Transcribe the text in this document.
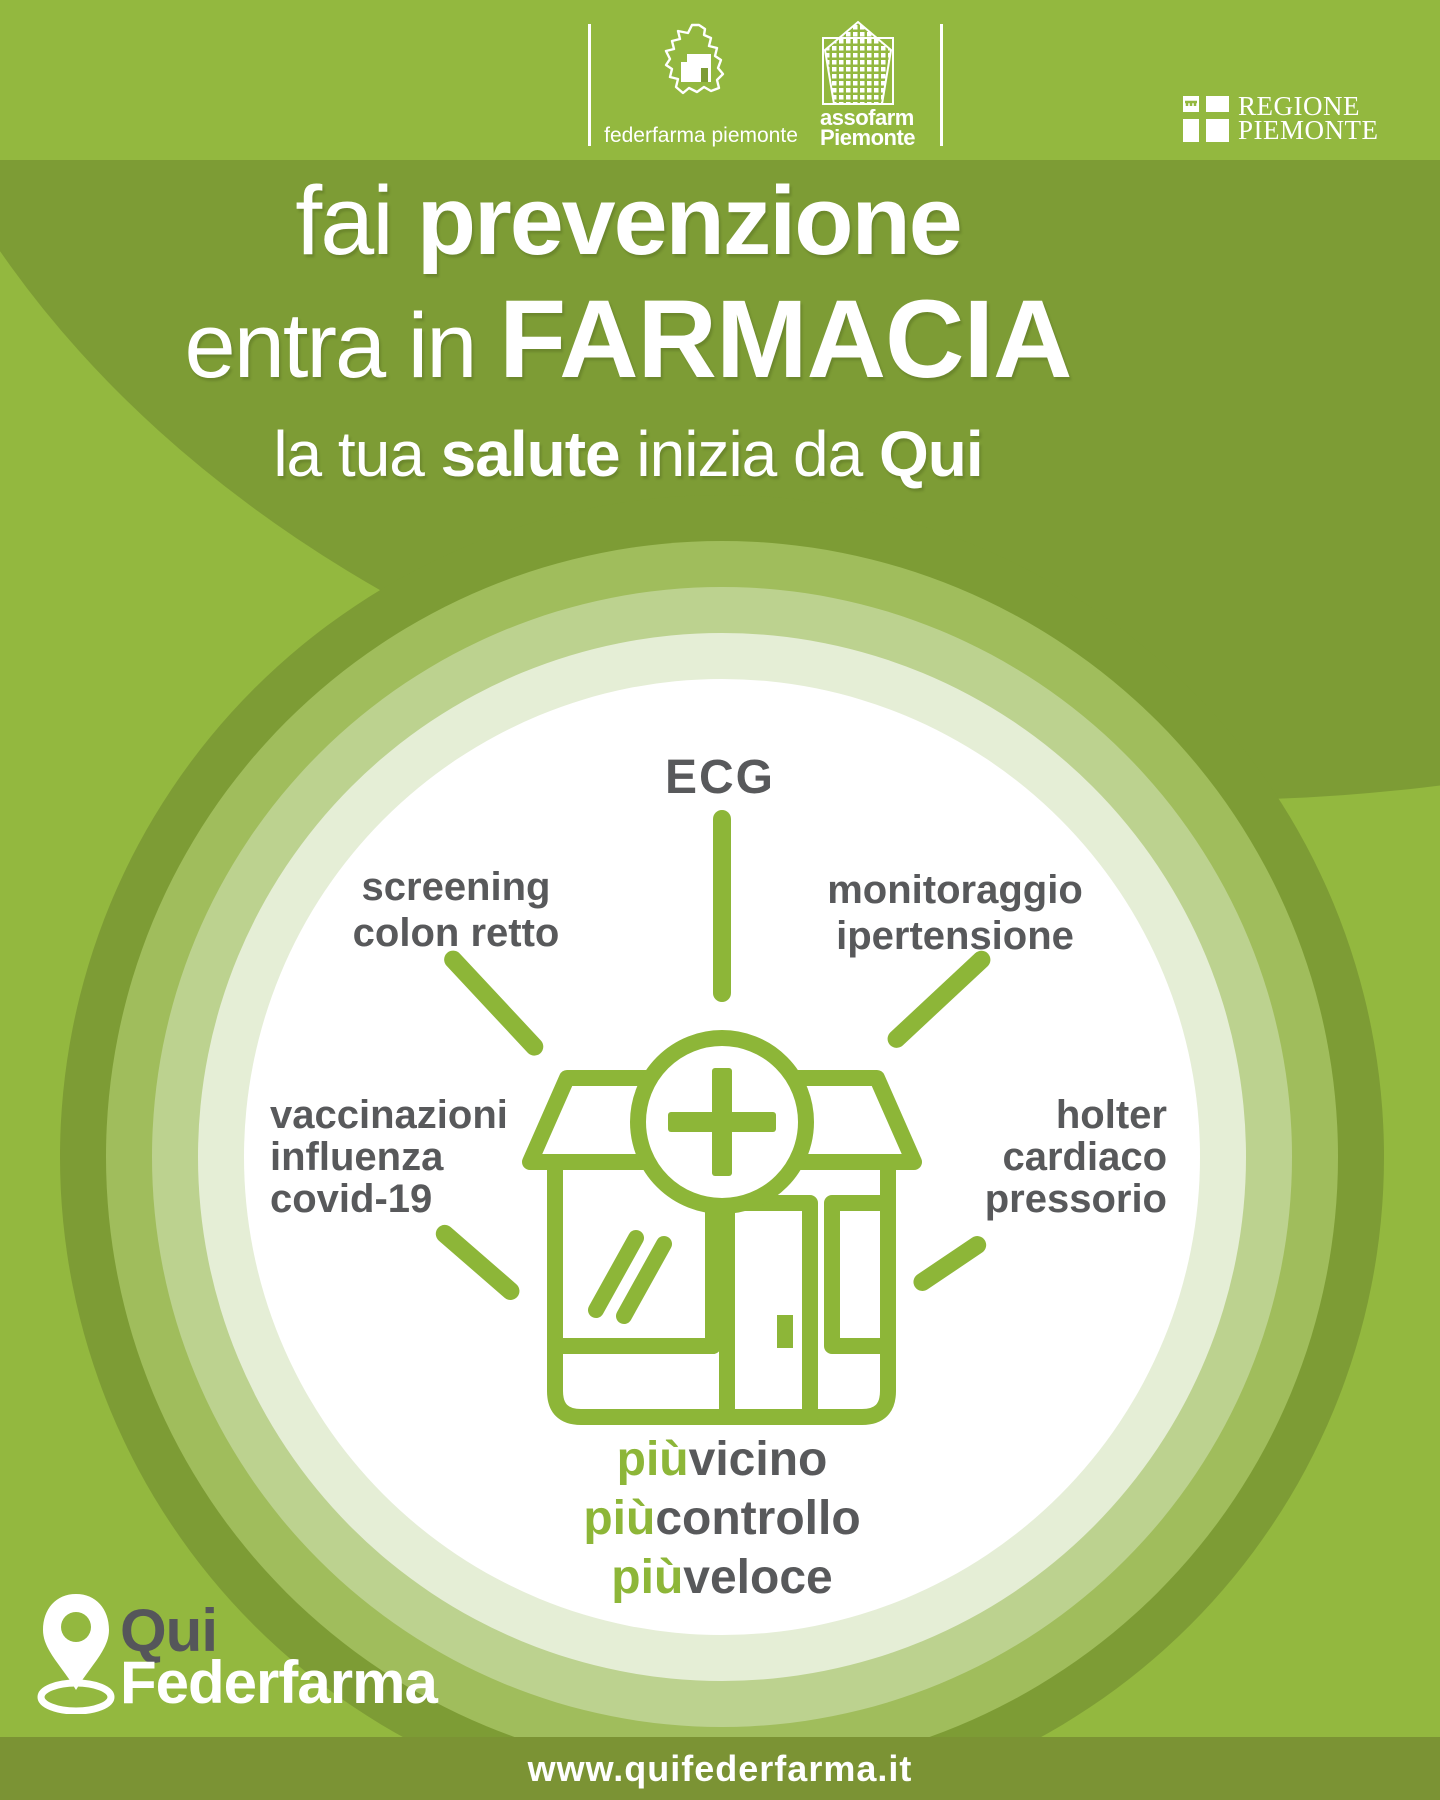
federfarma piemonte
assofarm
Piemonte
REGIONE
PIEMONTE
fai prevenzione
entra in FARMACIA
la tua salute inizia da Qui
ECG
screening
colon retto
monitoraggio
ipertensione
vaccinazioni
influenza
covid-19
holter
cardiaco
pressorio
piùvicino
piùcontrollo
piùveloce
Qui
Federfarma
www.quifederfarma.it
